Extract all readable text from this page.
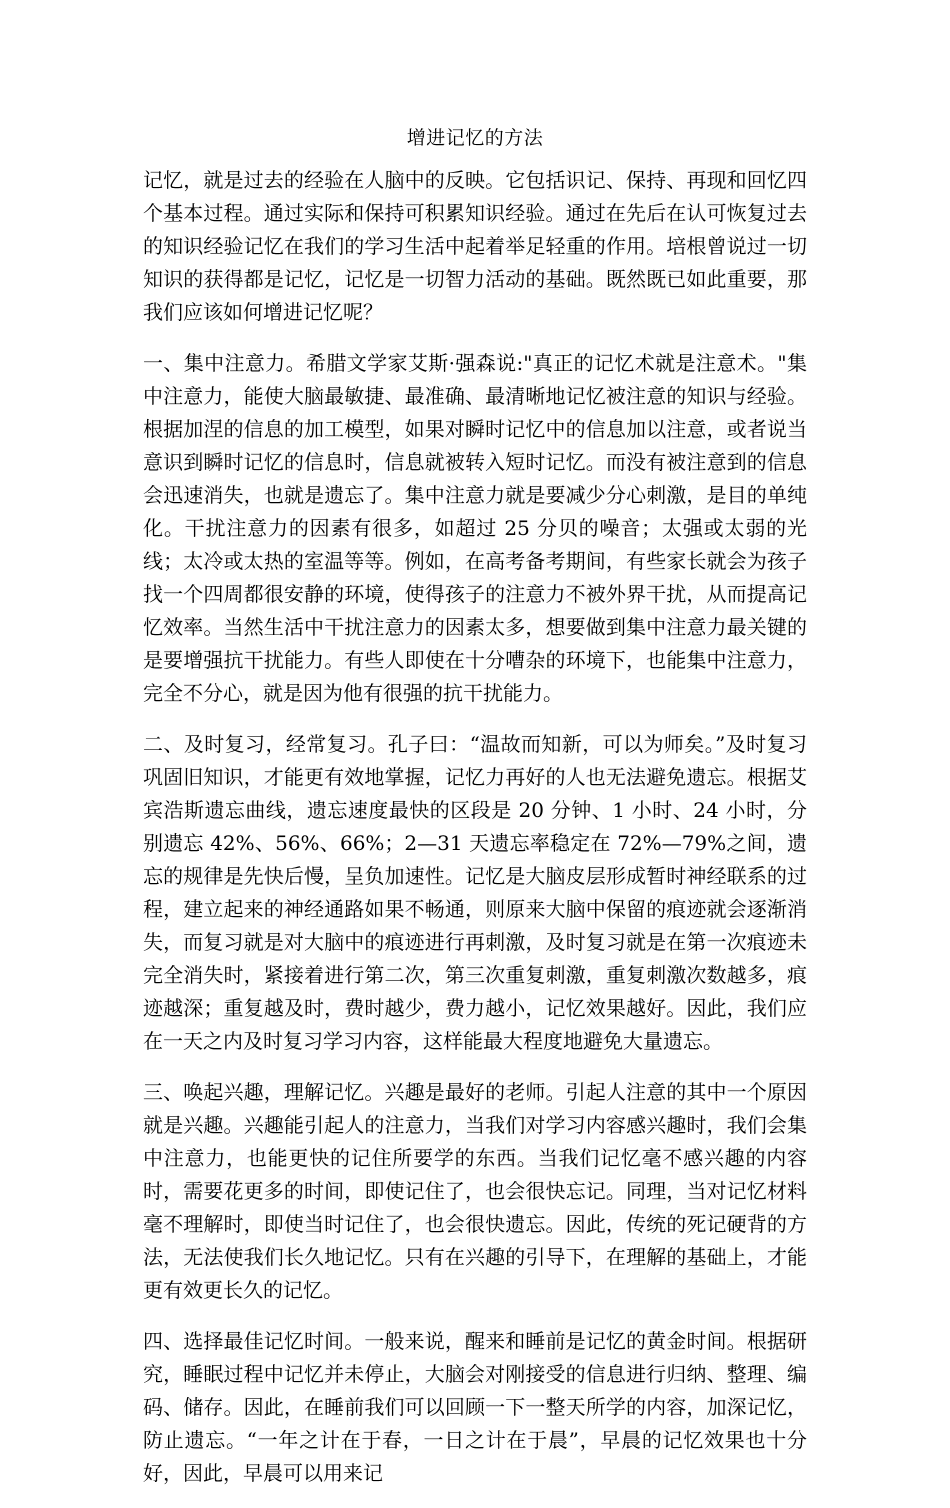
增进记忆的方法

记忆，就是过去的经验在人脑中的反映。它包括识记、保持、再现和回忆四个基本过程。通过实际和保持可积累知识经验。通过在先后在认可恢复过去的知识经验记忆在我们的学习生活中起着举足轻重的作用。培根曾说过一切知识的获得都是记忆，记忆是一切智力活动的基础。既然既已如此重要，那我们应该如何增进记忆呢？

一、集中注意力。希腊文学家艾斯·强森说:"真正的记忆术就是注意术。"集中注意力，能使大脑最敏捷、最准确、最清晰地记忆被注意的知识与经验。根据加涅的信息的加工模型，如果对瞬时记忆中的信息加以注意，或者说当意识到瞬时记忆的信息时，信息就被转入短时记忆。而没有被注意到的信息会迅速消失，也就是遗忘了。集中注意力就是要减少分心刺激，是目的单纯化。干扰注意力的因素有很多，如超过 25 分贝的噪音；太强或太弱的光线；太冷或太热的室温等等。例如，在高考备考期间，有些家长就会为孩子找一个四周都很安静的环境，使得孩子的注意力不被外界干扰，从而提高记忆效率。当然生活中干扰注意力的因素太多，想要做到集中注意力最关键的是要增强抗干扰能力。有些人即使在十分嘈杂的环境下，也能集中注意力，完全不分心，就是因为他有很强的抗干扰能力。

二、及时复习，经常复习。孔子曰：“温故而知新，可以为师矣。”及时复习巩固旧知识，才能更有效地掌握，记忆力再好的人也无法避免遗忘。根据艾宾浩斯遗忘曲线，遗忘速度最快的区段是 20 分钟、1 小时、24 小时，分别遗忘 42%、56%、66%；2—31 天遗忘率稳定在 72%—79%之间，遗忘的规律是先快后慢，呈负加速性。记忆是大脑皮层形成暂时神经联系的过程，建立起来的神经通路如果不畅通，则原来大脑中保留的痕迹就会逐渐消失，而复习就是对大脑中的痕迹进行再刺激，及时复习就是在第一次痕迹未完全消失时，紧接着进行第二次，第三次重复刺激，重复刺激次数越多，痕迹越深；重复越及时，费时越少，费力越小，记忆效果越好。因此，我们应在一天之内及时复习学习内容，这样能最大程度地避免大量遗忘。

三、唤起兴趣，理解记忆。兴趣是最好的老师。引起人注意的其中一个原因就是兴趣。兴趣能引起人的注意力，当我们对学习内容感兴趣时，我们会集中注意力，也能更快的记住所要学的东西。当我们记忆毫不感兴趣的内容时，需要花更多的时间，即使记住了，也会很快忘记。同理，当对记忆材料毫不理解时，即使当时记住了，也会很快遗忘。因此，传统的死记硬背的方法，无法使我们长久地记忆。只有在兴趣的引导下，在理解的基础上，才能更有效更长久的记忆。

四、选择最佳记忆时间。一般来说，醒来和睡前是记忆的黄金时间。根据研究，睡眠过程中记忆并未停止，大脑会对刚接受的信息进行归纳、整理、编码、储存。因此，在睡前我们可以回顾一下一整天所学的内容，加深记忆，防止遗忘。“一年之计在于春，一日之计在于晨”，早晨的记忆效果也十分好，因此，早晨可以用来记
